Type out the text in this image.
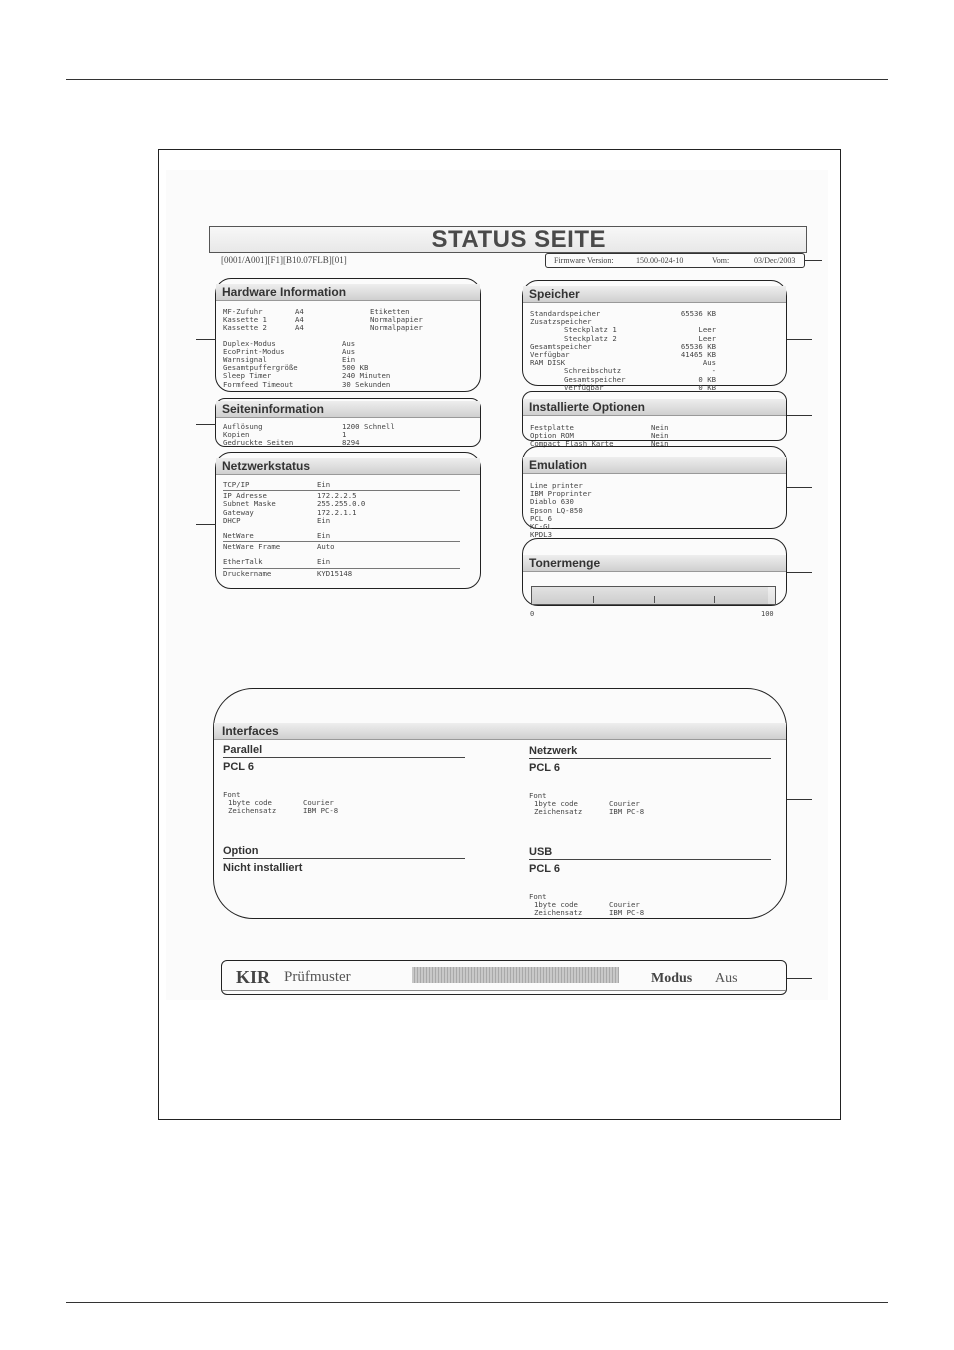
STATUS SEITE
[0001/A001][F1][B10.07FLB][01]	Firmware Version:	150.00-024-10	Vom:	03/Dec/2003
Hardware Information
MF-Zufuhr	A4	Etiketten
Kassette 1	A4	Normalpapier
Kassette 2	A4	Normalpapier
Duplex-Modus	Aus
EcoPrint-Modus	Aus
Warnsignal	Ein
Gesamtpuffergröße	500 KB
Sleep Timer	240 Minuten
Formfeed Timeout	30 Sekunden
Seiteninformation
Auflösung	1200 Schnell
Kopien	1
Gedruckte Seiten	8294
Netzwerkstatus
TCP/IP	Ein
IP Adresse	172.2.2.5
Subnet Maske	255.255.0.0
Gateway	172.2.1.1
DHCP	Ein
NetWare	Ein
NetWare Frame	Auto
EtherTalk	Ein
Druckername	KYD15148
Speicher
Standardspeicher	65536 KB
Zusatzspeicher
Steckplatz 1	Leer
Steckplatz 2	Leer
Gesamtspeicher	65536 KB
Verfügbar	41465 KB
RAM DISK	Aus
Schreibschutz	-
Gesamtspeicher	0 KB
Verfügbar	0 KB
Installierte Optionen
Festplatte	Nein
Option ROM	Nein
Compact Flash Karte	Nein
Emulation
Line printer
IBM Proprinter
Diablo 630
Epson LQ-850
PCL 6
KC-GL
KPDL3
Tonermenge
0	100
Interfaces
Parallel
PCL 6
Font
1byte code	Courier
Zeichensatz	IBM PC-8
Netzwerk
PCL 6
Font
1byte code	Courier
Zeichensatz	IBM PC-8
Option
Nicht installiert
USB
PCL 6
Font
1byte code	Courier
Zeichensatz	IBM PC-8
KIR Prüfmuster	Modus Aus
